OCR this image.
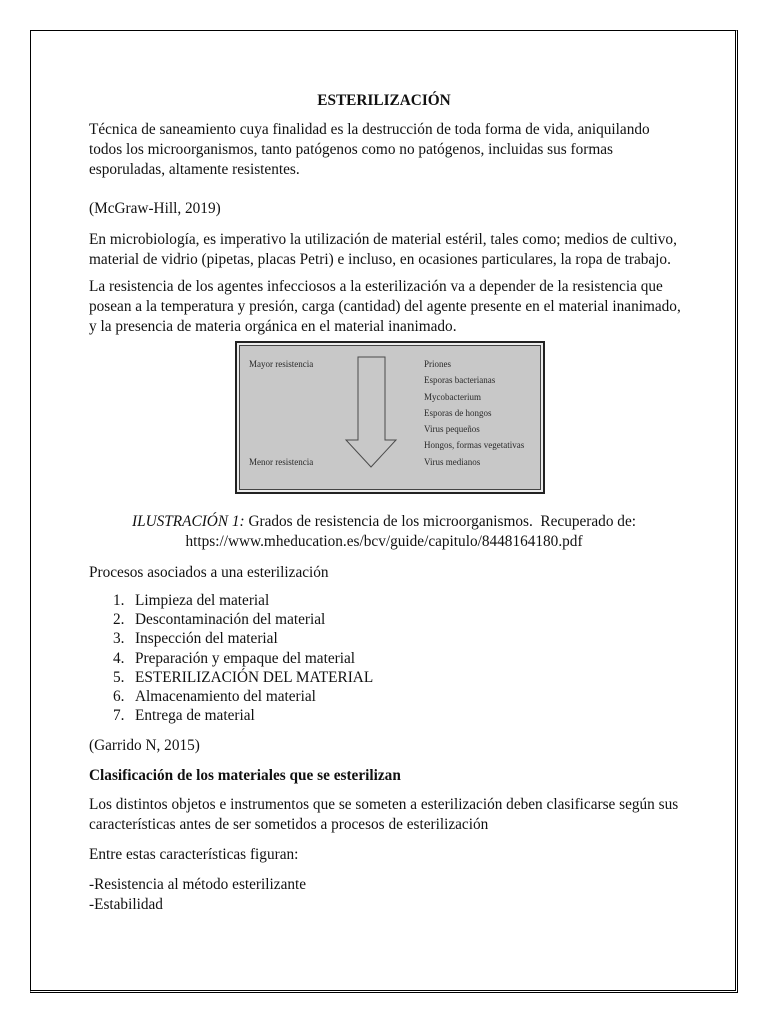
ESTERILIZACIÓN
Técnica de saneamiento cuya finalidad es la destrucción de toda forma de vida, aniquilando
todos los microorganismos, tanto patógenos como no patógenos, incluidas sus formas
esporuladas, altamente resistentes.
(McGraw-Hill, 2019)
En microbiología, es imperativo la utilización de material estéril, tales como; medios de cultivo,
material de vidrio (pipetas, placas Petri) e incluso, en ocasiones particulares, la ropa de trabajo.
La resistencia de los agentes infecciosos a la esterilización va a depender de la resistencia que
posean a la temperatura y presión, carga (cantidad) del agente presente en el material inanimado,
y la presencia de materia orgánica en el material inanimado.
Mayor resistencia
Menor resistencia
Priones
Esporas bacterianas
Mycobacterium
Esporas de hongos
Virus pequeños
Hongos, formas vegetativas
Virus medianos
ILUSTRACIÓN 1: Grados de resistencia de los microorganismos.  Recuperado de:
https://www.mheducation.es/bcv/guide/capitulo/8448164180.pdf
Procesos asociados a una esterilización
1. Limpieza del material
2. Descontaminación del material
3. Inspección del material
4. Preparación y empaque del material
5. ESTERILIZACIÓN DEL MATERIAL
6. Almacenamiento del material
7. Entrega de material
(Garrido N, 2015)
Clasificación de los materiales que se esterilizan
Los distintos objetos e instrumentos que se someten a esterilización deben clasificarse según sus
características antes de ser sometidos a procesos de esterilización
Entre estas características figuran:
-Resistencia al método esterilizante
-Estabilidad
